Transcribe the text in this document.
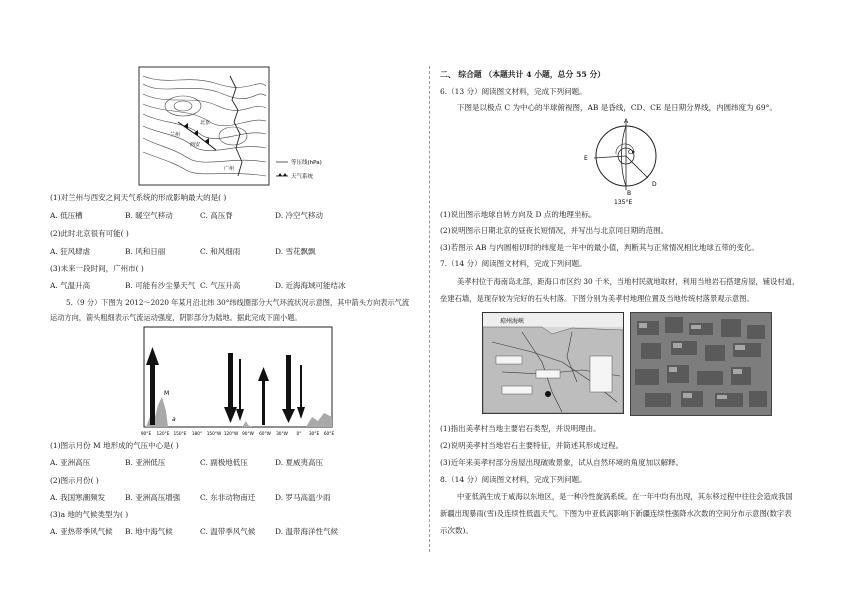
北京
兰州
西安
广州
等压线(hPa)
天气系统
(1)对兰州与西安之间天气系统的形成影响最大的是( )
A. 低压槽	B. 暖空气移动	C. 高压脊	D. 冷空气移动
(2)此时北京很有可能( )
A. 狂风肆虐	B. 风和日丽	C. 和风细雨	D. 雪花飘飘
(3)未来一段时间，广州市( )
A. 气温升高	B. 可能有沙尘暴天气 C. 气压升高	D. 近海海域可能结冰
5.（9 分）下图为 2012～2020 年某月沿北纬 30°纬线圈部分大气环流状况示意图，其中箭头方向表示气流
运动方向，箭头粗细表示气流运动强度，阴影部分为陆地。据此完成下面小题。
M
a
90°E 120°E 150°E 180° 150°W 120°W 90°W 60°W 30°W 0° 30°E 60°E
(1)图示月份 M 地形成的气压中心是( )
A. 亚洲高压	B. 亚洲低压	C. 副极地低压	D. 夏威夷高压
(2)图示月份( )
A. 我国寒潮频发	B. 亚洲高压增强	C. 东非动物南迁	D. 罗马高温少雨
(3)a 地的气候类型为( )
A. 亚热带季风气候 B. 地中海气候	C. 温带季风气候	D. 温带海洋性气候
二、 综合题 （本题共计 4 小题，总分 55 分）
6.（13 分）阅读图文材料，完成下列问题。
下图是以极点 C 为中心的半球俯视图，AB 是昏线，CD、CE 是日期分界线，内圆纬度为 69°。
A
B
C
D
E
135°E
(1)说出图示地球自转方向及 D 点的地理坐标。
(2)说明图示日期北京的昼夜长短情况，并写出与北京同日期的范围。
(3)若图示 AB 与内圆相切时的纬度是一年中的最小值，判断其与正常情况相比地球五带的变化。
7.（14 分）阅读图文材料，完成下列问题。
美孝村位于海南岛北部，距海口市区约 30 千米，当地村民就地取材，利用当地岩石搭建房屋，铺设村道，
垒建石墙，是现存较为完好的石头村落。下图分别为美孝村地理位置及当地传统村落景观示意图。
琼州海峡
(1)指出美孝村当地主要岩石类型，并说明理由。
(2)说明美孝村当地岩石主要特征，并简述其形成过程。
(3)近年来美孝村部分房屋出现破败景象，试从自然环境的角度加以解释。
8.（14 分）阅读图文材料，完成下列问题。
中亚低涡生成于咸海以东地区，是一种冷性旋涡系统。在一年中均有出现，其东移过程中往往会造成我国
新疆出现暴雨(雪)及连续性低温天气。下图为中亚低涡影响下新疆连续性强降水次数的空间分布示意图(数字表
示次数)。
